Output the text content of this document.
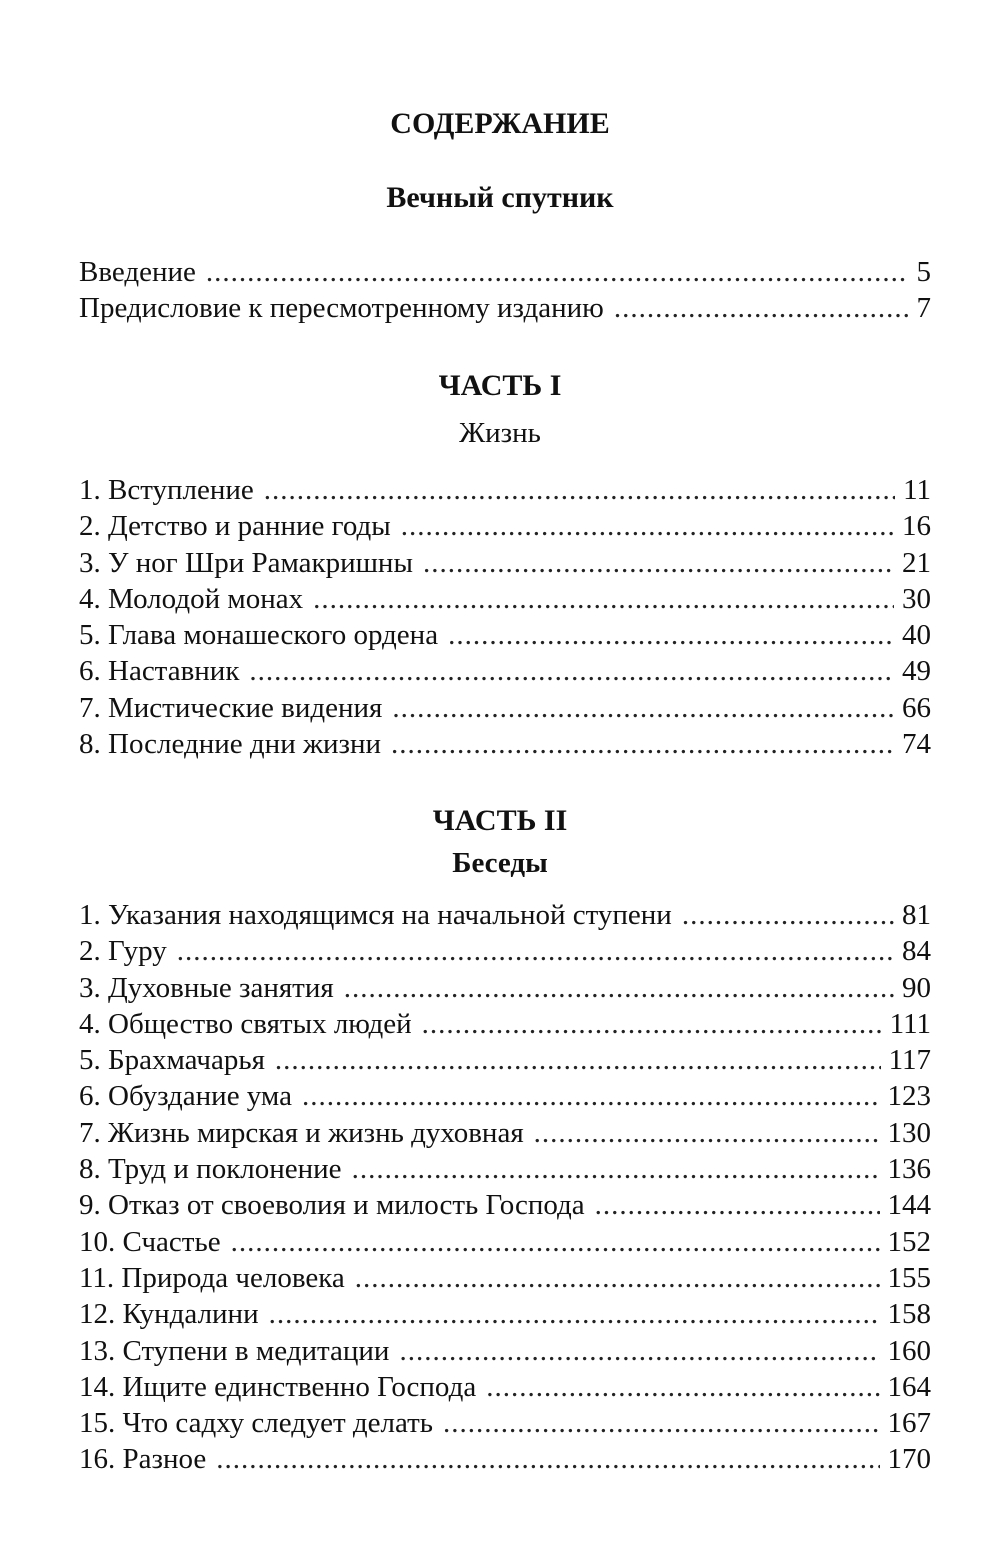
СОДЕРЖАНИЕ
Вечный спутник
Введение .....	5
Предисловие к пересмотренному изданию .....	7
ЧАСТЬ I
Жизнь
1. Вступление .....	11
2. Детство и ранние годы .....	16
3. У ног Шри Рамакришны .....	21
4. Молодой монах .....	30
5. Глава монашеского ордена .....	40
6. Наставник .....	49
7. Мистические видения .....	66
8. Последние дни жизни .....	74
ЧАСТЬ II
Беседы
1. Указания находящимся на начальной ступени .....	81
2. Гуру .....	84
3. Духовные занятия .....	90
4. Общество святых людей .....	111
5. Брахмачарья .....	117
6. Обуздание ума .....	123
7. Жизнь мирская и жизнь духовная .....	130
8. Труд и поклонение .....	136
9. Отказ от своеволия и милость Господа .....	144
10. Счастье .....	152
11. Природа человека .....	155
12. Кундалини .....	158
13. Ступени в медитации .....	160
14. Ищите единственно Господа .....	164
15. Что садху следует делать .....	167
16. Разное .....	170
